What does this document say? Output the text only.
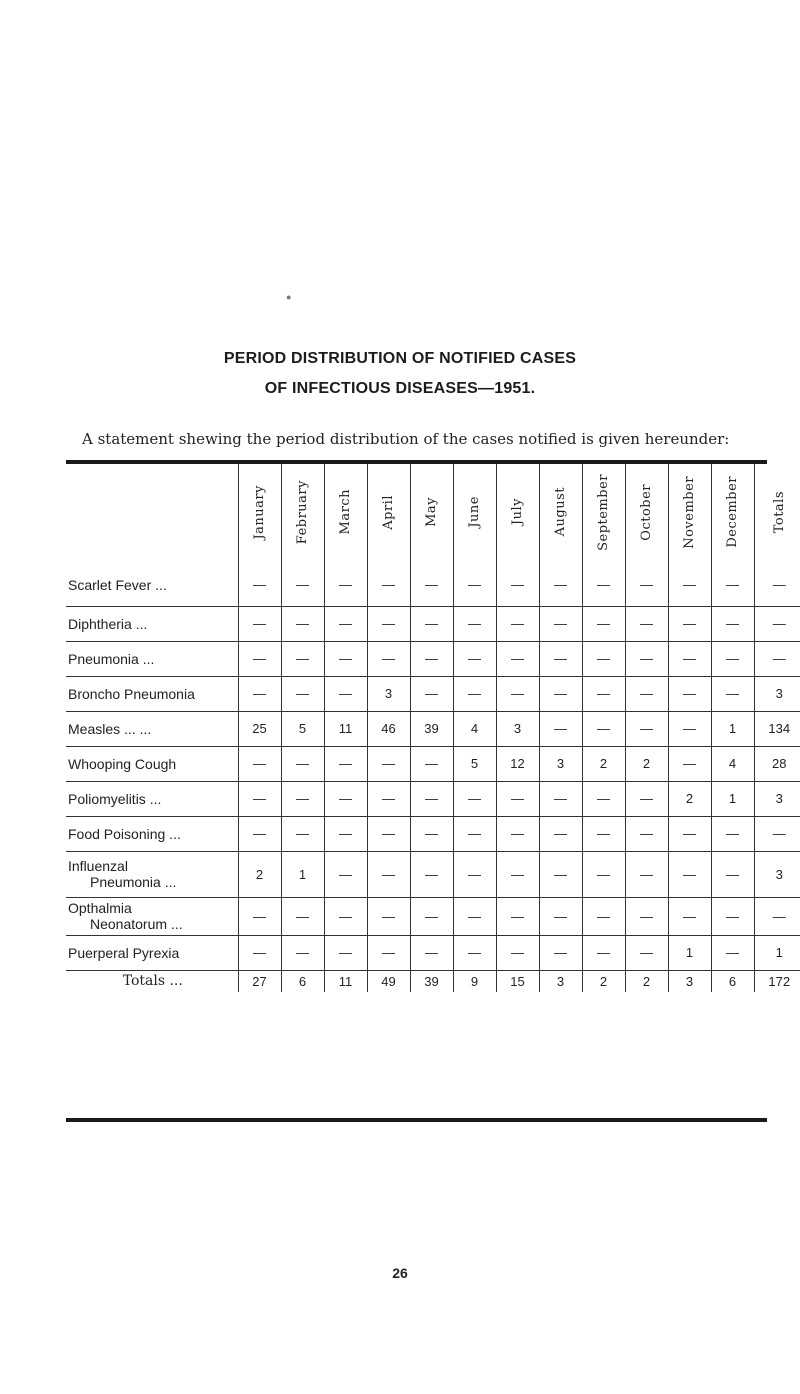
●
PERIOD DISTRIBUTION OF NOTIFIED CASES
OF INFECTIOUS DISEASES—1951.
A statement shewing the period distribution of the cases notified is given hereunder:
	January	February	March	April	May	June	July	August	September	October	November	December	Totals
Scarlet Fever ...	—	—	—	—	—	—	—	—	—	—	—	—	—
Diphtheria ...	—	—	—	—	—	—	—	—	—	—	—	—	—
Pneumonia ...	—	—	—	—	—	—	—	—	—	—	—	—	—
Broncho Pneumonia	—	—	—	3	—	—	—	—	—	—	—	—	3
Measles ... ...	25	5	11	46	39	4	3	—	—	—	—	1	134
Whooping Cough	—	—	—	—	—	5	12	3	2	2	—	4	28
Poliomyelitis ...	—	—	—	—	—	—	—	—	—	—	2	1	3
Food Poisoning ...	—	—	—	—	—	—	—	—	—	—	—	—	—

Influenzal
Pneumonia ...	2	1	—	—	—	—	—	—	—	—	—	—	3

Opthalmia
Neonatorum ...	—	—	—	—	—	—	—	—	—	—	—	—	—
Puerperal Pyrexia	—	—	—	—	—	—	—	—	—	—	1	—	1
Totals ...	27	6	11	49	39	9	15	3	2	2	3	6	172
26
